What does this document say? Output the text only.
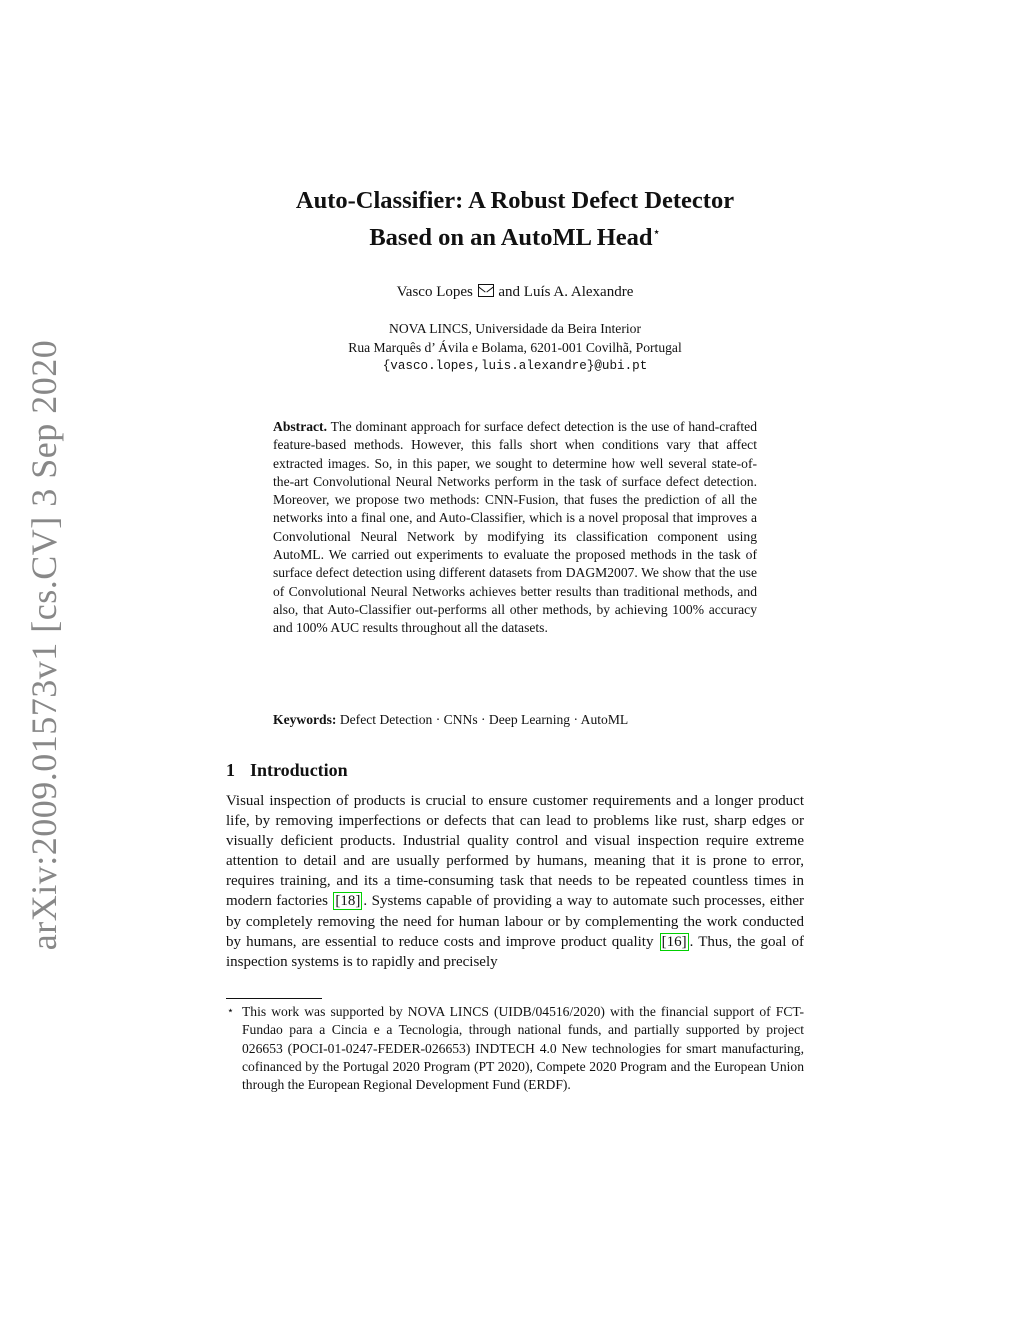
arXiv:2009.01573v1 [cs.CV] 3 Sep 2020
Auto-Classifier: A Robust Defect Detector
Based on an AutoML Head⋆
Vasco Lopes and Luís A. Alexandre
NOVA LINCS, Universidade da Beira Interior
Rua Marquês d’ Ávila e Bolama, 6201-001 Covilhã, Portugal
{vasco.lopes,luis.alexandre}@ubi.pt
Abstract. The dominant approach for surface defect detection is the use of hand-crafted feature-based methods. However, this falls short when conditions vary that affect extracted images. So, in this paper, we sought to determine how well several state-of-the-art Convolutional Neural Networks perform in the task of surface defect detection. Moreover, we propose two methods: CNN-Fusion, that fuses the prediction of all the networks into a final one, and Auto-Classifier, which is a novel proposal that improves a Convolutional Neural Network by modifying its classification component using AutoML. We carried out experiments to evaluate the proposed methods in the task of surface defect detection using different datasets from DAGM2007. We show that the use of Convolutional Neural Networks achieves better results than traditional methods, and also, that Auto-Classifier out-performs all other methods, by achieving 100% accuracy and 100% AUC results throughout all the datasets.
Keywords: Defect Detection · CNNs · Deep Learning · AutoML
1 Introduction
Visual inspection of products is crucial to ensure customer requirements and a longer product life, by removing imperfections or defects that can lead to problems like rust, sharp edges or visually deficient products. Industrial quality control and visual inspection require extreme attention to detail and are usually performed by humans, meaning that it is prone to error, requires training, and its a time-consuming task that needs to be repeated countless times in modern factories [18] . Systems capable of providing a way to automate such processes, either by completely removing the need for human labour or by complementing the work conducted by humans, are essential to reduce costs and improve product quality [16] . Thus, the goal of inspection systems is to rapidly and precisely
⋆ This work was supported by NOVA LINCS (UIDB/04516/2020) with the financial support of FCT-Fundao para a Cincia e a Tecnologia, through national funds, and partially supported by project 026653 (POCI-01-0247-FEDER-026653) INDTECH 4.0 New technologies for smart manufacturing, cofinanced by the Portugal 2020 Program (PT 2020), Compete 2020 Program and the European Union through the European Regional Development Fund (ERDF).
